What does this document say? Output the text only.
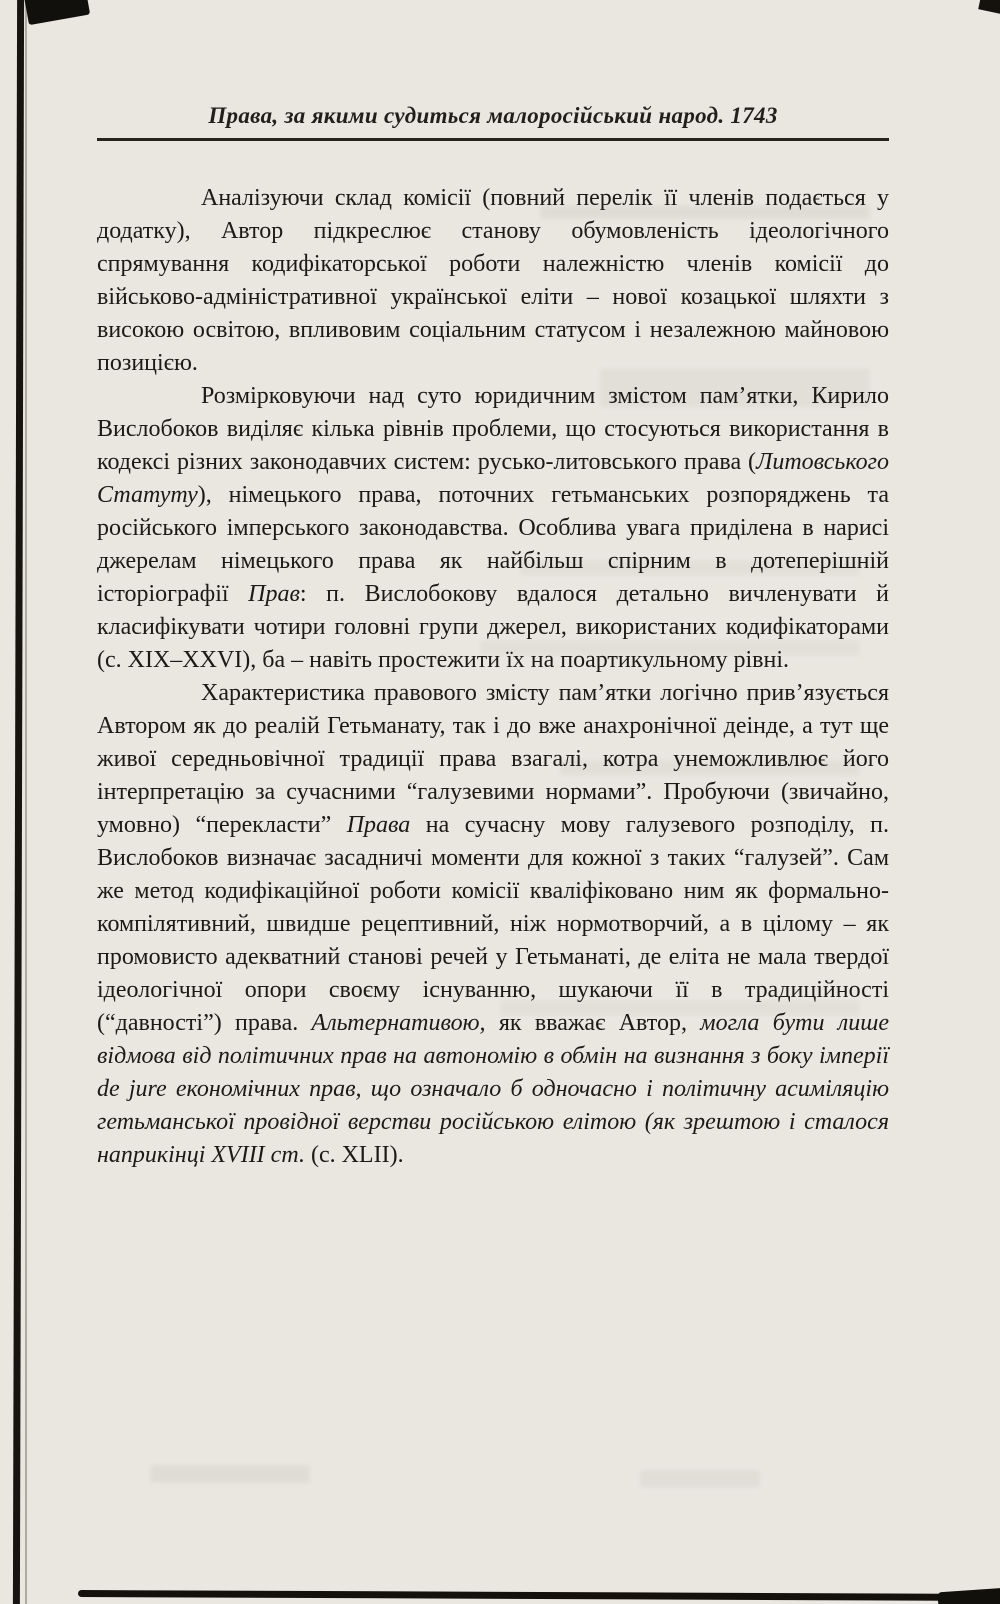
Права, за якими судиться малоросійський народ. 1743

Аналізуючи склад комісії (повний перелік її членів подається у додатку), Автор підкреслює станову обумовленість ідеологічного спрямування кодифікаторської роботи належністю членів комісії до військово-адміністративної української еліти – нової козацької шляхти з високою освітою, впливовим соціальним статусом і незалежною майновою позицією.

Розмірковуючи над суто юридичним змістом пам’ятки, Кирило Вислобоков виділяє кілька рівнів проблеми, що стосуються використання в кодексі різних законодавчих систем: русько-литовського права (Литовського Статуту), німецького права, поточних гетьманських розпоряджень та російського імперського законодавства. Особлива увага приділена в нарисі джерелам німецького права як найбільш спірним в дотеперішній історіографії Прав: п. Вислобокову вдалося детально вичленувати й класифікувати чотири головні групи джерел, використаних кодифікаторами (с. XIX–XXVI), ба – навіть простежити їх на поартикульному рівні.

Характеристика правового змісту пам’ятки логічно прив’язується Автором як до реалій Гетьманату, так і до вже анахронічної деінде, а тут ще живої середньовічної традиції права взагалі, котра унеможливлює його інтерпретацію за сучасними “галузевими нормами”. Пробуючи (звичайно, умовно) “перекласти” Права на сучасну мову галузевого розподілу, п. Вислобоков визначає засадничі моменти для кожної з таких “галузей”. Сам же метод кодифікаційної роботи комісії кваліфіковано ним як формально-компілятивний, швидше рецептивний, ніж нормотворчий, а в цілому – як промовисто адекватний станові речей у Гетьманаті, де еліта не мала твердої ідеологічної опори своєму існуванню, шукаючи її в традиційності (“давності”) права. Альтернативою, як вважає Автор, могла бути лише відмова від політичних прав на автономію в обмін на визнання з боку імперії de jure економічних прав, що означало б одночасно і політичну асиміляцію гетьманської провідної верстви російською елітою (як зрештою і сталося наприкінці XVIII ст. (с. XLII).
